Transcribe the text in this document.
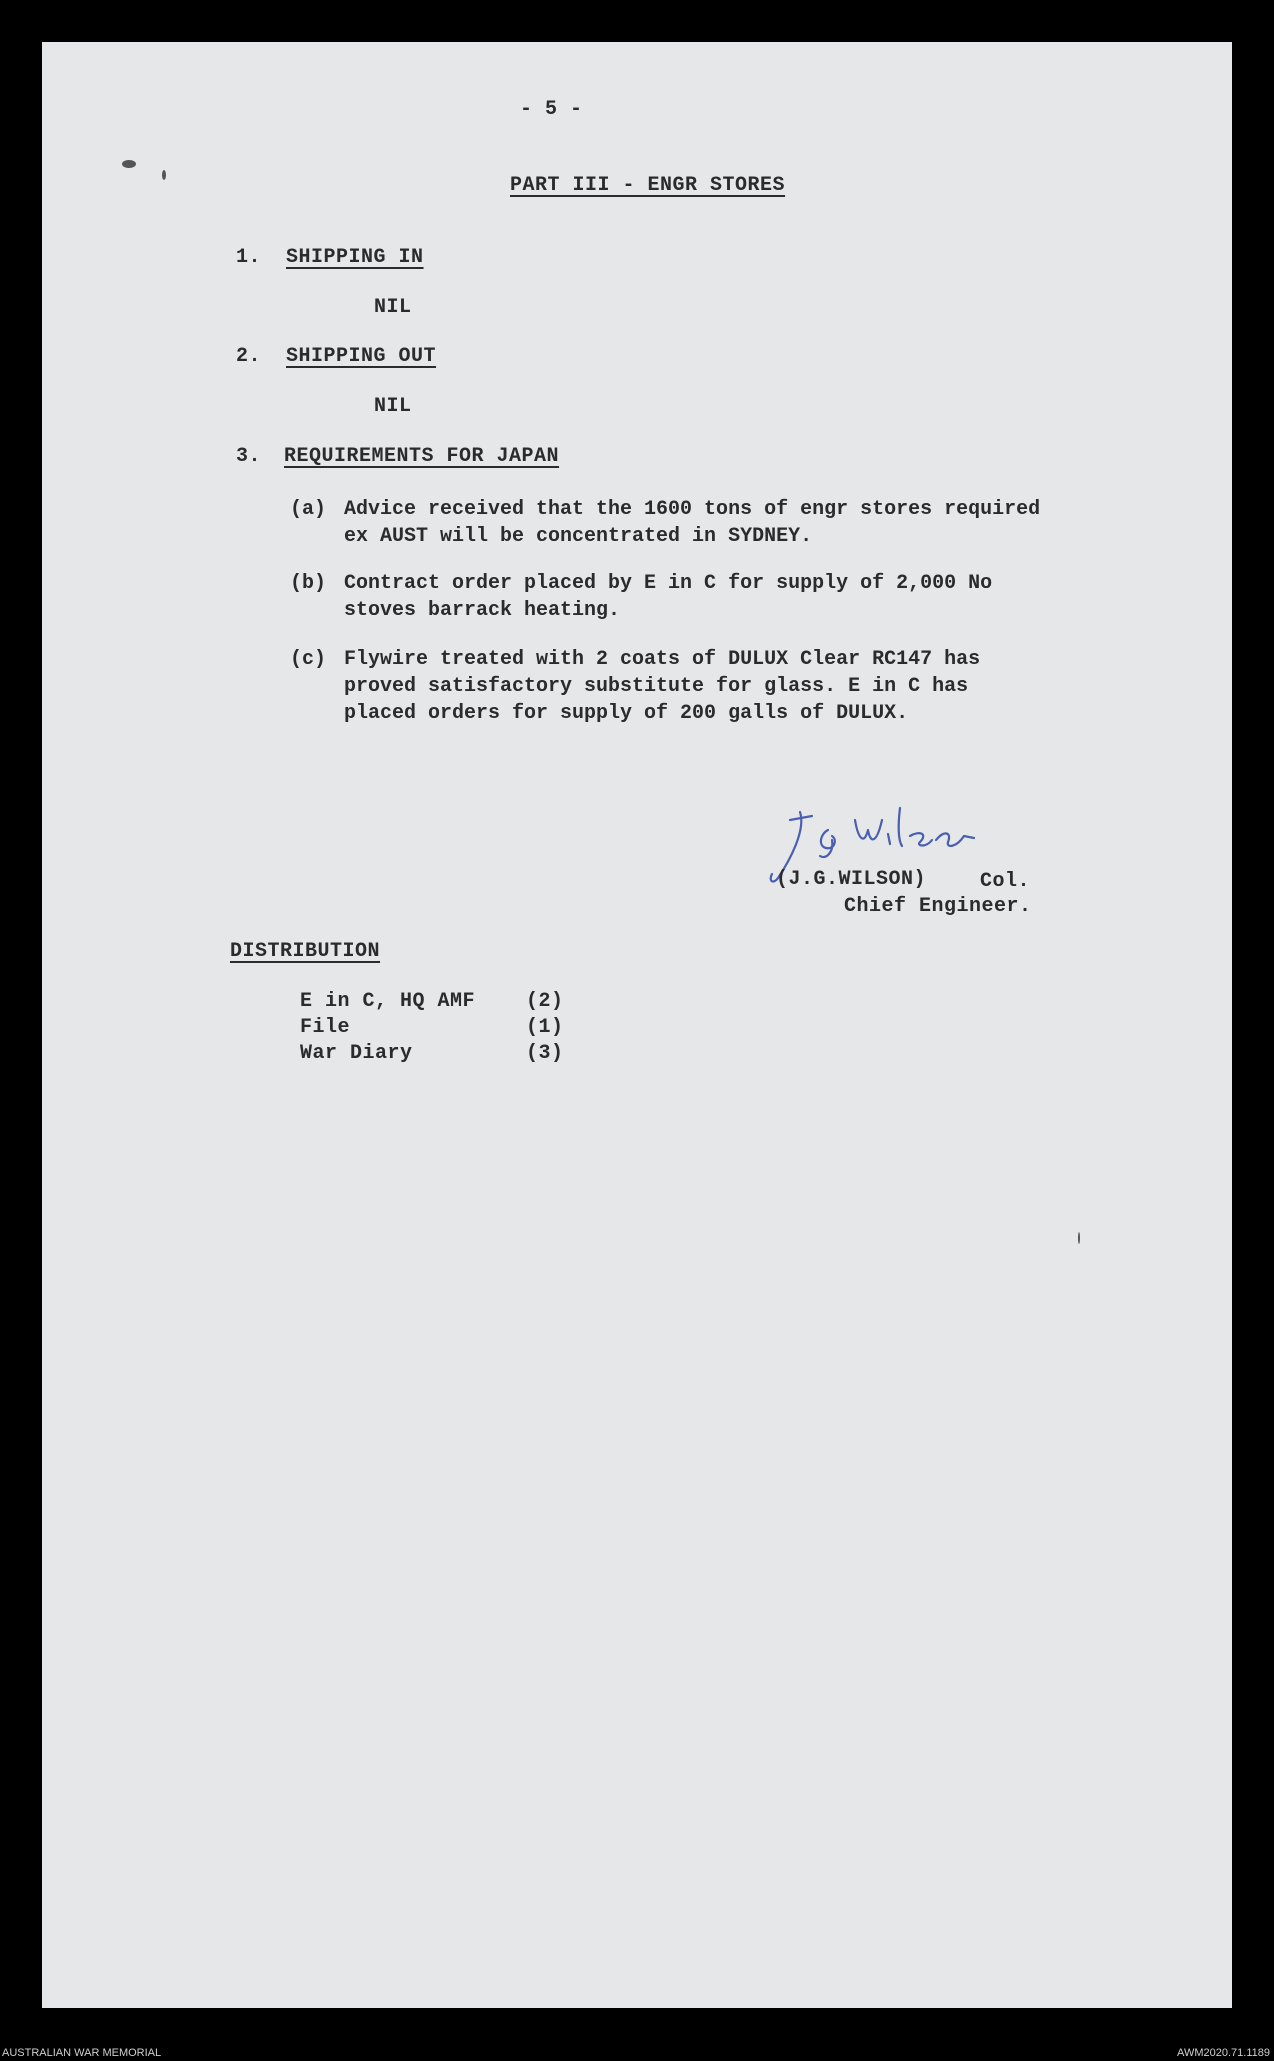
- 5 -
PART III - ENGR STORES
1. SHIPPING IN
NIL
2. SHIPPING OUT
NIL
3. REQUIREMENTS FOR JAPAN
(a) Advice received that the 1600 tons of engr stores required
ex AUST will be concentrated in SYDNEY.
(b) Contract order placed by E in C for supply of 2,000 No
stoves barrack heating.
(c) Flywire treated with 2 coats of DULUX Clear RC147 has
proved satisfactory substitute for glass. E in C has
placed orders for supply of 200 galls of DULUX.
(J.G.WILSON)	Col.
Chief Engineer.
DISTRIBUTION
E in C, HQ AMF	(2)
File	(1)
War Diary	(3)
AUSTRALIAN WAR MEMORIAL	AWM2020.71.1189
